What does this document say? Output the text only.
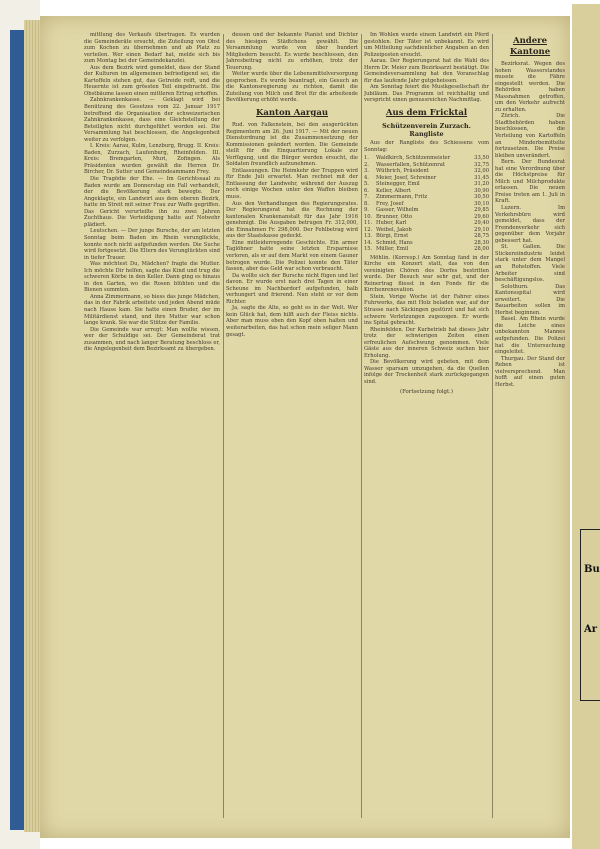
Bu
Ar

mittlung des Verkaufs übertragen. Es wurden die Gemeinderäte ersucht, die Zuteilung von Obst zum Kochen zu übernehmen und ab Platz zu verteilen. Wer einen Bedarf hat, melde sich bis zum Montag bei der Gemeindekanzlei.

Aus dem Bezirk wird gemeldet, dass der Stand der Kulturen im allgemeinen befriedigend sei, die Kartoffeln stehen gut, das Getreide reift, und die Heuernte ist zum grössten Teil eingebracht. Die Obstbäume lassen einen mittleren Ertrag erhoffen.

Zahnkrankenkasse. — Geklagt wird bei Benützung des Gesetzes vom 22. Januar 1917 betreffend die Organisation der schweizerischen Zahnkrankenkasse, dass eine Gleichstellung der Beteiligten nicht durchgeführt worden sei. Die Versammlung hat beschlossen, die Angelegenheit weiter zu verfolgen.

I. Kreis: Aarau, Kulm, Lenzburg, Brugg. II. Kreis: Baden, Zurzach, Laufenburg, Rheinfelden. III. Kreis: Bremgarten, Muri, Zofingen. Als Präsidenten wurden gewählt die Herren Dr. Bircher, Dr. Sutter und Gemeindeammann Frey.

Die Tragödie der Ehe. — Im Gerichtssaal zu Baden wurde am Donnerstag ein Fall verhandelt, der die Bevölkerung stark bewegte. Der Angeklagte, ein Landwirt aus dem oberen Bezirk, hatte im Streit mit seiner Frau zur Waffe gegriffen. Das Gericht verurteilte ihn zu zwei Jahren Zuchthaus. Die Verteidigung hatte auf Notwehr plädiert.

Leutschen. — Der junge Bursche, der am letzten Sonntag beim Baden im Rhein verunglückte, konnte noch nicht aufgefunden werden. Die Suche wird fortgesetzt. Die Eltern des Verunglückten sind in tiefer Trauer.

Was möchtest Du, Mädchen? fragte die Mutter. Ich möchte Dir helfen, sagte das Kind und trug die schweren Körbe in den Keller. Dann ging es hinaus in den Garten, wo die Rosen blühten und die Bienen summten.

Anna Zimmermann, so hiess das junge Mädchen, das in der Fabrik arbeitete und jeden Abend müde nach Hause kam. Sie hatte einen Bruder, der im Militärdienst stand, und ihre Mutter war schon lange krank. Sie war die Stütze der Familie.

Die Gemeinde war erregt: Man wollte wissen, wer der Schuldige sei. Der Gemeinderat trat zusammen, und nach langer Beratung beschloss er, die Angelegenheit dem Bezirksamt zu übergeben.

dessen und der bekannte Pianist und Dichter des hiesigen Städtchens gewählt. Die Versammlung wurde von über hundert Mitgliedern besucht. Es wurde beschlossen, den Jahresbeitrag nicht zu erhöhen, trotz der Teuerung.

Weiter wurde über die Lebensmittelversorgung gesprochen. Es wurde beantragt, ein Gesuch an die Kantonsregierung zu richten, damit die Zuteilung von Milch und Brot für die arbeitende Bevölkerung erhöht werde.

Kanton Aargau

Rud. von Falkenstein, bei den ausgerückten Regimentern am 26. Juni 1917. — Mit der neuen Dienstordnung ist die Zusammensetzung der Kommissionen geändert worden. Die Gemeinde stellt für die Einquartierung Lokale zur Verfügung, und die Bürger werden ersucht, die Soldaten freundlich aufzunehmen.

Entlassungen. Die Heimkehr der Truppen wird für Ende Juli erwartet. Man rechnet mit der Entlassung der Landwehr, während der Auszug noch einige Wochen unter den Waffen bleiben muss.

Aus den Verhandlungen des Regierungsrates. Der Regierungsrat hat die Rechnung der kantonalen Krankenanstalt für das Jahr 1916 genehmigt. Die Ausgaben betrugen Fr. 312,000, die Einnahmen Fr. 298,000. Der Fehlbetrag wird aus der Staatskasse gedeckt.

Eine mitleiderregende Geschichte. Ein armer Taglöhner hatte seine letzten Ersparnisse verloren, als er auf dem Markt von einem Gauner betrogen wurde. Die Polizei konnte den Täter fassen, aber das Geld war schon verbraucht.

Da wollte sich der Bursche nicht fügen und lief davon. Er wurde erst nach drei Tagen in einer Scheune im Nachbardorf aufgefunden, halb verhungert und frierend. Nun steht er vor dem Richter.

Ja, sagte die Alte, so geht es in der Welt. Wer kein Glück hat, dem hilft auch der Fleiss nichts. Aber man muss eben den Kopf oben halten und weiterarbeiten, das hat schon mein seliger Mann gesagt.

Im Wohlen wurde einem Landwirt ein Pferd gestohlen. Der Täter ist unbekannt. Es wird um Mitteilung sachdienlicher Angaben an den Polizeiposten ersucht.

Aarau. Der Regierungsrat hat die Wahl des Herrn Dr. Meier zum Bezirksarzt bestätigt. Die Gemeindeversammlung hat den Voranschlag für das laufende Jahr gutgeheissen.

Am Sonntag feiert die Musikgesellschaft ihr Jubiläum. Das Programm ist reichhaltig und verspricht einen genussreichen Nachmittag.

Aus dem Fricktal
Schützenverein Zurzach. Rangliste

Aus der Rangliste des Schiessens vom Sonntag:

1.	Waldkirch, Schützenmeister	33,50
2.	Wasserfallen, Schützenrat	32,75
3.	Wüthrich, Präsident	32,00
4.	Meier, Josef, Schreiner	31,45
5.	Steinegger, Emil	31,20
6.	Keller, Albert	30,90
7.	Zimmermann, Fritz	30,50
8.	Frey, Josef	30,10
9.	Gasser, Wilhelm	29,85
10. Brunner, Otto	29,60
11. Huber, Karl	29,40
12. Weibel, Jakob	29,10
13. Bürgi, Ernst	28,75
14. Schmid, Hans	28,30
15. Müller, Emil	28,00

Möhlin. (Korresp.) Am Sonntag fand in der Kirche ein Konzert statt, das von den vereinigten Chören des Dorfes bestritten wurde. Der Besuch war sehr gut, und der Reinertrag fliesst in den Fonds für die Kirchenrenovation.

Stein. Vorige Woche ist der Fahrer eines Fuhrwerks, das mit Holz beladen war, auf der Strasse nach Säckingen gestürzt und hat sich schwere Verletzungen zugezogen. Er wurde ins Spital gebracht.

Rheinfelden. Der Kurbetrieb hat dieses Jahr trotz der schwierigen Zeiten einen erfreulichen Aufschwung genommen. Viele Gäste aus der inneren Schweiz suchen hier Erholung.

Die Bevölkerung wird gebeten, mit dem Wasser sparsam umzugehen, da die Quellen infolge der Trockenheit stark zurückgegangen sind.

(Fortsetzung folgt.)
Andere Kantone

Bezirksrat. Wegen des hohen Wasserstandes musste die Fähre eingestellt werden. Die Behörden haben Massnahmen getroffen, um den Verkehr aufrecht zu erhalten.

Zürich. Die Stadtbehörden haben beschlossen, die Verteilung von Kartoffeln an Minderbemittelte fortzusetzen. Die Preise bleiben unverändert.

Bern. Der Bundesrat hat eine Verordnung über die Höchstpreise für Milch und Milchprodukte erlassen. Die neuen Preise treten am 1. Juli in Kraft.

Luzern. Im Verkehrsbüro wird gemeldet, dass der Fremdenverkehr sich gegenüber dem Vorjahr gebessert hat.

St. Gallen. Die Stickereiindustrie leidet stark unter dem Mangel an Rohstoffen. Viele Arbeiter sind beschäftigungslos.

Solothurn. Das Kantonsspital wird erweitert. Die Bauarbeiten sollen im Herbst beginnen.

Basel. Am Rhein wurde die Leiche eines unbekannten Mannes aufgefunden. Die Polizei hat die Untersuchung eingeleitet.

Thurgau. Der Stand der Reben ist vielversprechend. Man hofft auf einen guten Herbst.
